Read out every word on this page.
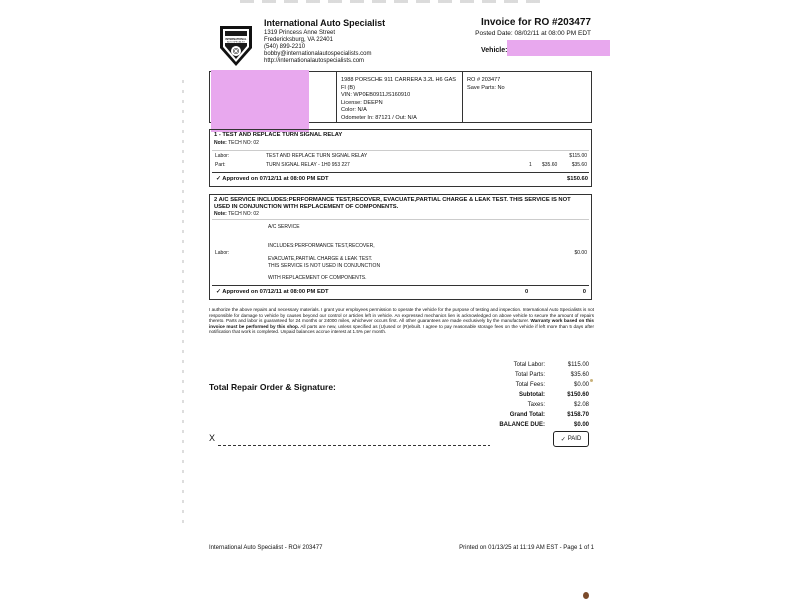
INTERNATIONAL
AUTO SPECIALIST
International Auto Specialist
1319 Princess Anne Street
Fredericksburg, VA 22401
(540) 899-2210
bobby@internationalautospecialists.com
http://internationalautospecialists.com
Invoice for RO #203477
Posted Date: 08/02/11 at 08:00 PM EDT
Vehicle:
1988 PORSCHE 911 CARRERA 3.2L H6 GAS FI (B)
VIN: WP0EB0911JS160910
License: DEEPN
Color: N/A
Odometer In: 87121 / Out: N/A
RO # 203477
Save Parts: No
1 - TEST AND REPLACE TURN SIGNAL RELAY
Note: TECH NO: 02
Labor:	TEST AND REPLACE TURN SIGNAL RELAY	$115.00
Part:	TURN SIGNAL RELAY - 1H0 953 227	1 $35.60	$35.60
✓ Approved on 07/12/11 at 08:00 PM EDT	$150.60
2 A/C SERVICE INCLUDES:PERFORMANCE TEST,RECOVER, EVACUATE,PARTIAL CHARGE & LEAK TEST. THIS SERVICE IS NOT USED IN CONJUNCTION WITH REPLACEMENT OF COMPONENTS.
Note: TECH NO: 02
A/C SERVICE
INCLUDES:PERFORMANCE TEST,RECOVER,
Labor:	$0.00
EVACUATE,PARTIAL CHARGE & LEAK TEST.
THIS SERVICE IS NOT USED IN CONJUNCTION
WITH REPLACEMENT OF COMPONENTS.
✓ Approved on 07/12/11 at 08:00 PM EDT	0	0
I authorize the above repairs and necessary materials. I grant your employees permission to operate the vehicle for the purpose of testing and inspection. International Auto Specialists is not responsible for damage to vehicle by causes beyond our control or articles left in vehicle. An expressed mechanics lien is acknowledged on above vehicle to secure the amount of repairs thereto. Parts and labor is guaranteed for 24 months or 24000 miles, whichever occurs first. All other guarantees are made exclusively by the manufacturer. Warranty work based on this invoice must be performed by this shop. All parts are new, unless specified as (U)used or (R)ebuilt. I agree to pay reasonable storage fees on the vehicle if left more than 5 days after notification that work is completed. Unpaid balances accrue interest at 1.5% per month.
Total Labor:	$115.00
Total Parts:	$35.60
Total Fees:	$0.00
Subtotal:	$150.60
Taxes:	$2.08
Grand Total:	$158.70
BALANCE DUE:	$0.00
Total Repair Order & Signature:
X	✓ PAID
International Auto Specialist - RO# 203477	Printed on 01/13/25 at 11:19 AM EST - Page 1 of 1
